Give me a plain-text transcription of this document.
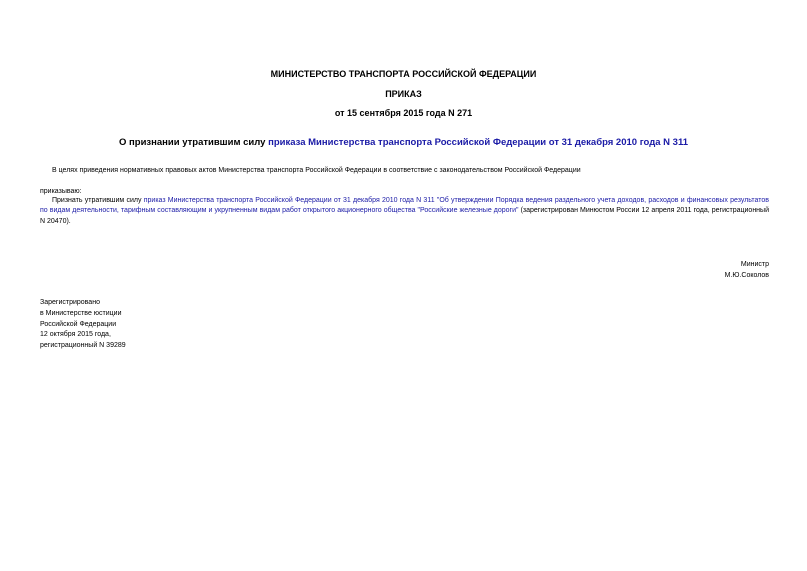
МИНИСТЕРСТВО ТРАНСПОРТА РОССИЙСКОЙ ФЕДЕРАЦИИ
ПРИКАЗ
от 15 сентября 2015 года N 271
О признании утратившим силу приказа Министерства транспорта Российской Федерации от 31 декабря 2010 года N 311
В целях приведения нормативных правовых актов Министерства транспорта Российской Федерации в соответствие с законодательством Российской Федерации
приказываю:
Признать утратившим силу приказ Министерства транспорта Российской Федерации от 31 декабря 2010 года N 311 "Об утверждении Порядка ведения раздельного учета доходов, расходов и финансовых результатов по видам деятельности, тарифным составляющим и укрупненным видам работ открытого акционерного общества "Российские железные дороги" (зарегистрирован Минюстом России 12 апреля 2011 года, регистрационный N 20470).
Министр
М.Ю.Соколов
Зарегистрировано
в Министерстве юстиции
Российской Федерации
12 октября 2015 года,
регистрационный N 39289
